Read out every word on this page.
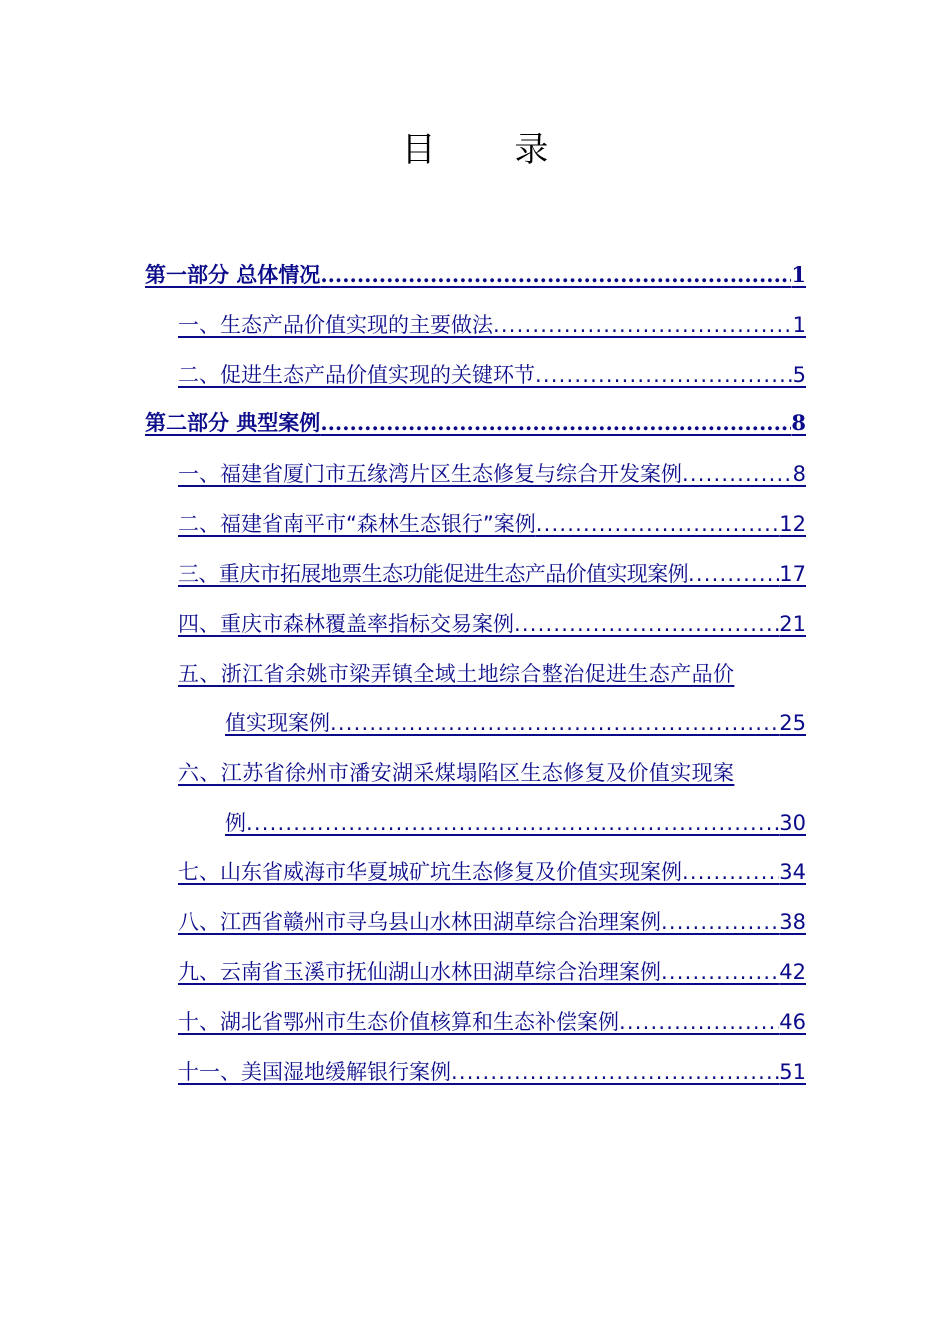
目 录
第一部分 总体情况 .....	1
一、生态产品价值实现的主要做法 .....	1
二、促进生态产品价值实现的关键环节 .....	5
第二部分 典型案例 .....	8
一、福建省厦门市五缘湾片区生态修复与综合开发案例 .....	8
二、福建省南平市“森林生态银行”案例 .....	12
三、重庆市拓展地票生态功能促进生态产品价值实现案例 .....	17
四、重庆市森林覆盖率指标交易案例 .....	21
五、浙江省余姚市梁弄镇全域土地综合整治促进生态产品价
值实现案例 .....	25
六、江苏省徐州市潘安湖采煤塌陷区生态修复及价值实现案
例 .....	30
七、山东省威海市华夏城矿坑生态修复及价值实现案例 .....	34
八、江西省赣州市寻乌县山水林田湖草综合治理案例 .....	38
九、云南省玉溪市抚仙湖山水林田湖草综合治理案例 .....	42
十、湖北省鄂州市生态价值核算和生态补偿案例 .....	46
十一、美国湿地缓解银行案例 .....	51
